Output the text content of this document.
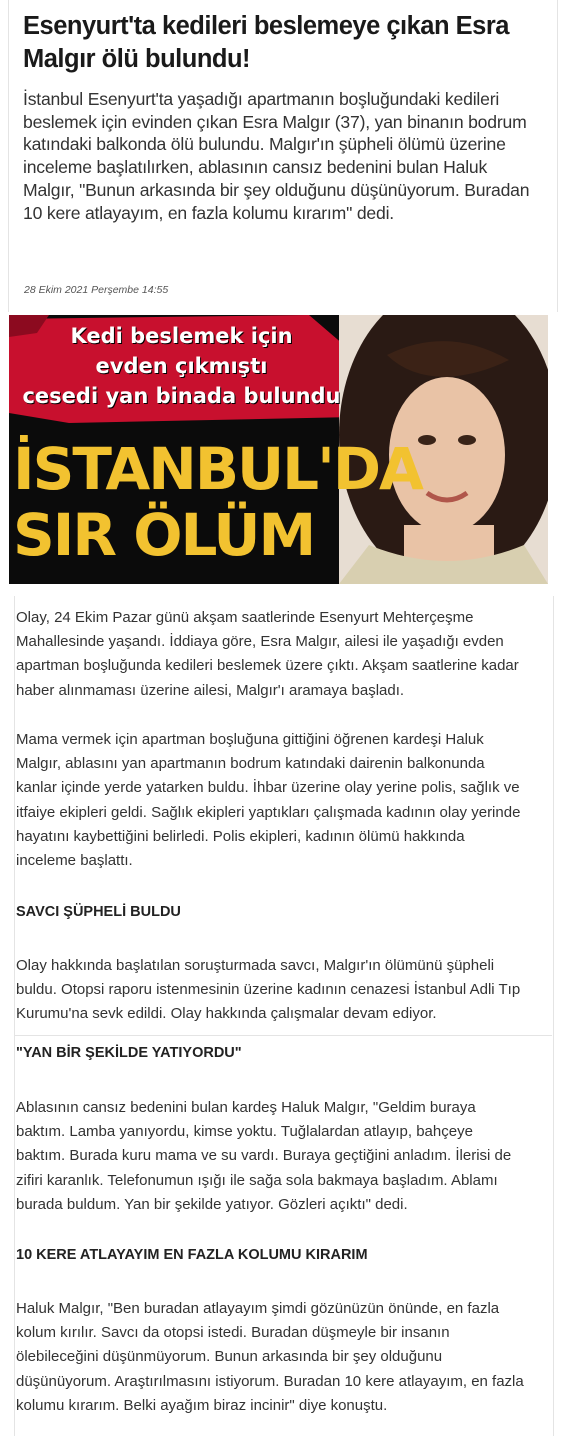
Esenyurt'ta kedileri beslemeye çıkan Esra Malgır ölü bulundu!

İstanbul Esenyurt'ta yaşadığı apartmanın boşluğundaki kedileri beslemek için evinden çıkan Esra Malgır (37), yan binanın bodrum katındaki balkonda ölü bulundu. Malgır'ın şüpheli ölümü üzerine inceleme başlatılırken, ablasının cansız bedenini bulan Haluk Malgır, "Bunun arkasında bir şey olduğunu düşünüyorum. Buradan 10 kere atlayayım, en fazla kolumu kırarım" dedi.

28 Ekim 2021 Perşembe 14:55
Kedi beslemek için
evden çıkmıştı
cesedi yan binada bulundu
İSTANBUL'DA
SIR ÖLÜM

Olay, 24 Ekim Pazar günü akşam saatlerinde Esenyurt Mehterçeşme Mahallesinde yaşandı. İddiaya göre, Esra Malgır, ailesi ile yaşadığı evden apartman boşluğunda kedileri beslemek üzere çıktı. Akşam saatlerine kadar haber alınmaması üzerine ailesi, Malgır'ı aramaya başladı.

Mama vermek için apartman boşluğuna gittiğini öğrenen kardeşi Haluk Malgır, ablasını yan apartmanın bodrum katındaki dairenin balkonunda kanlar içinde yerde yatarken buldu. İhbar üzerine olay yerine polis, sağlık ve itfaiye ekipleri geldi. Sağlık ekipleri yaptıkları çalışmada kadının olay yerinde hayatını kaybettiğini belirledi. Polis ekipleri, kadının ölümü hakkında inceleme başlattı.

SAVCI ŞÜPHELİ BULDU

Olay hakkında başlatılan soruşturmada savcı, Malgır'ın ölümünü şüpheli buldu. Otopsi raporu istenmesinin üzerine kadının cenazesi İstanbul Adli Tıp Kurumu'na sevk edildi. Olay hakkında çalışmalar devam ediyor.

"YAN BİR ŞEKİLDE YATIYORDU"

Ablasının cansız bedenini bulan kardeş Haluk Malgır, "Geldim buraya baktım. Lamba yanıyordu, kimse yoktu. Tuğlalardan atlayıp, bahçeye baktım. Burada kuru mama ve su vardı. Buraya geçtiğini anladım. İlerisi de zifiri karanlık. Telefonumun ışığı ile sağa sola bakmaya başladım. Ablamı burada buldum. Yan bir şekilde yatıyor. Gözleri açıktı" dedi.

10 KERE ATLAYAYIM EN FAZLA KOLUMU KIRARIM

Haluk Malgır, "Ben buradan atlayayım şimdi gözünüzün önünde, en fazla kolum kırılır. Savcı da otopsi istedi. Buradan düşmeyle bir insanın ölebileceğini düşünmüyorum. Bunun arkasında bir şey olduğunu düşünüyorum. Araştırılmasını istiyorum. Buradan 10 kere atlayayım, en fazla kolumu kırarım. Belki ayağım biraz incinir" diye konuştu.
